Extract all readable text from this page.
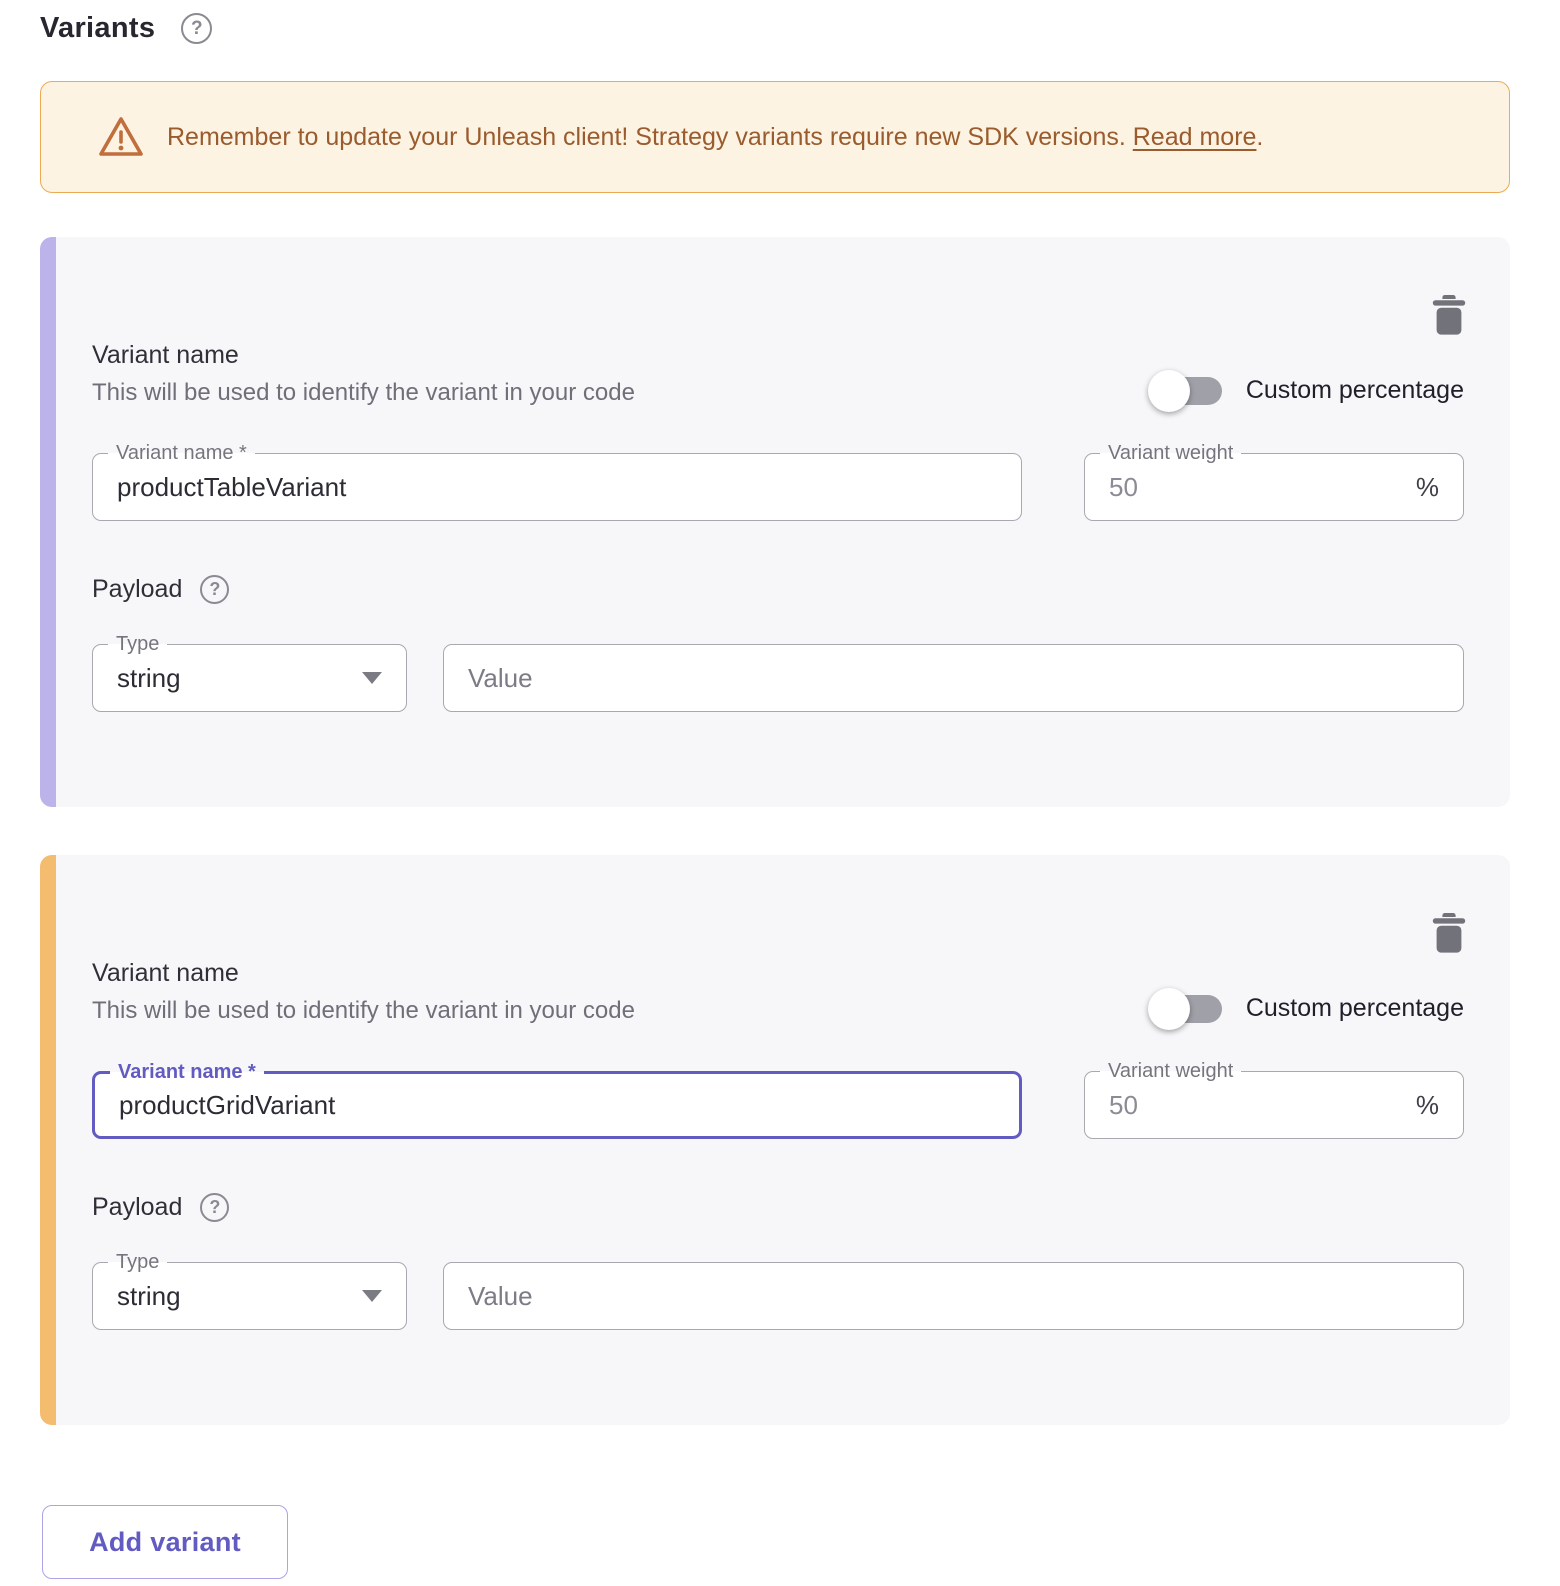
Variants	?
Remember to update your Unleash client! Strategy variants require new SDK versions. Read more.
Variant name
This will be used to identify the variant in your code	Custom percentage
Variant name *
productTableVariant	Variant weight
50
%
Payload	?
Type
string
Value
Variant name
This will be used to identify the variant in your code	Custom percentage
Variant name *
productGridVariant	Variant weight
50
%
Payload	?
Type
string
Value
Add variant
